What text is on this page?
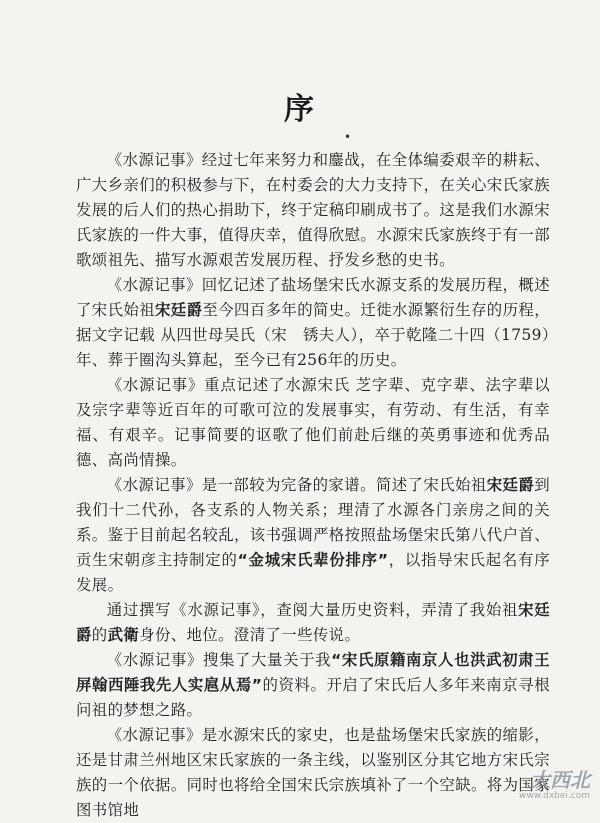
序
•

《水源记事》经过七年来努力和鏖战，在全体编委艰辛的耕耘、广大乡亲们的积极参与下，在村委会的大力支持下，在关心宋氏家族发展的后人们的热心捐助下，终于定稿印刷成书了。这是我们水源宋氏家族的一件大事，值得庆幸，值得欣慰。水源宋氏家族终于有一部歌颂祖先、描写水源艰苦发展历程、抒发乡愁的史书。

《水源记事》回忆记述了盐场堡宋氏水源支系的发展历程，概述了宋氏始祖宋廷爵至今四百多年的简史。迁徙水源繁衍生存的历程，据文字记载 从四世母吴氏（宋　锈夫人），卒于乾隆二十四（1759）年、葬于圈沟头算起，至今已有256年的历史。

《水源记事》重点记述了水源宋氏 芝字辈、克字辈、法字辈以及宗字辈等近百年的可歌可泣的发展事实，有劳动、有生活，有幸福、有艰辛。记事简要的讴歌了他们前赴后继的英勇事迹和优秀品德、高尚情操。

《水源记事》是一部较为完备的家谱。简述了宋氏始祖宋廷爵到我们十二代孙，各支系的人物关系；理清了水源各门亲房之间的关系。鉴于目前起名较乱，该书强调严格按照盐场堡宋氏第八代户首、贡生宋朝彦主持制定的“金城宋氏辈份排序”，以指导宋氏起名有序发展。

通过撰写《水源记事》，查阅大量历史资料，弄清了我始祖宋廷爵的武衛身份、地位。澄清了一些传说。

《水源记事》搜集了大量关于我“宋氏原籍南京人也洪武初肃王屏翰西陲我先人实扈从焉”的资料。开启了宋氏后人多年来南京寻根问祖的梦想之路。

《水源记事》是水源宋氏的家史，也是盐场堡宋氏家族的缩影，还是甘肃兰州地区宋氏家族的一条主线，以鉴别区分其它地方宋氏宗族的一个依据。同时也将给全国宋氏宗族填补了一个空缺。将为国家图书馆地

大西北
www.dxbei.com
